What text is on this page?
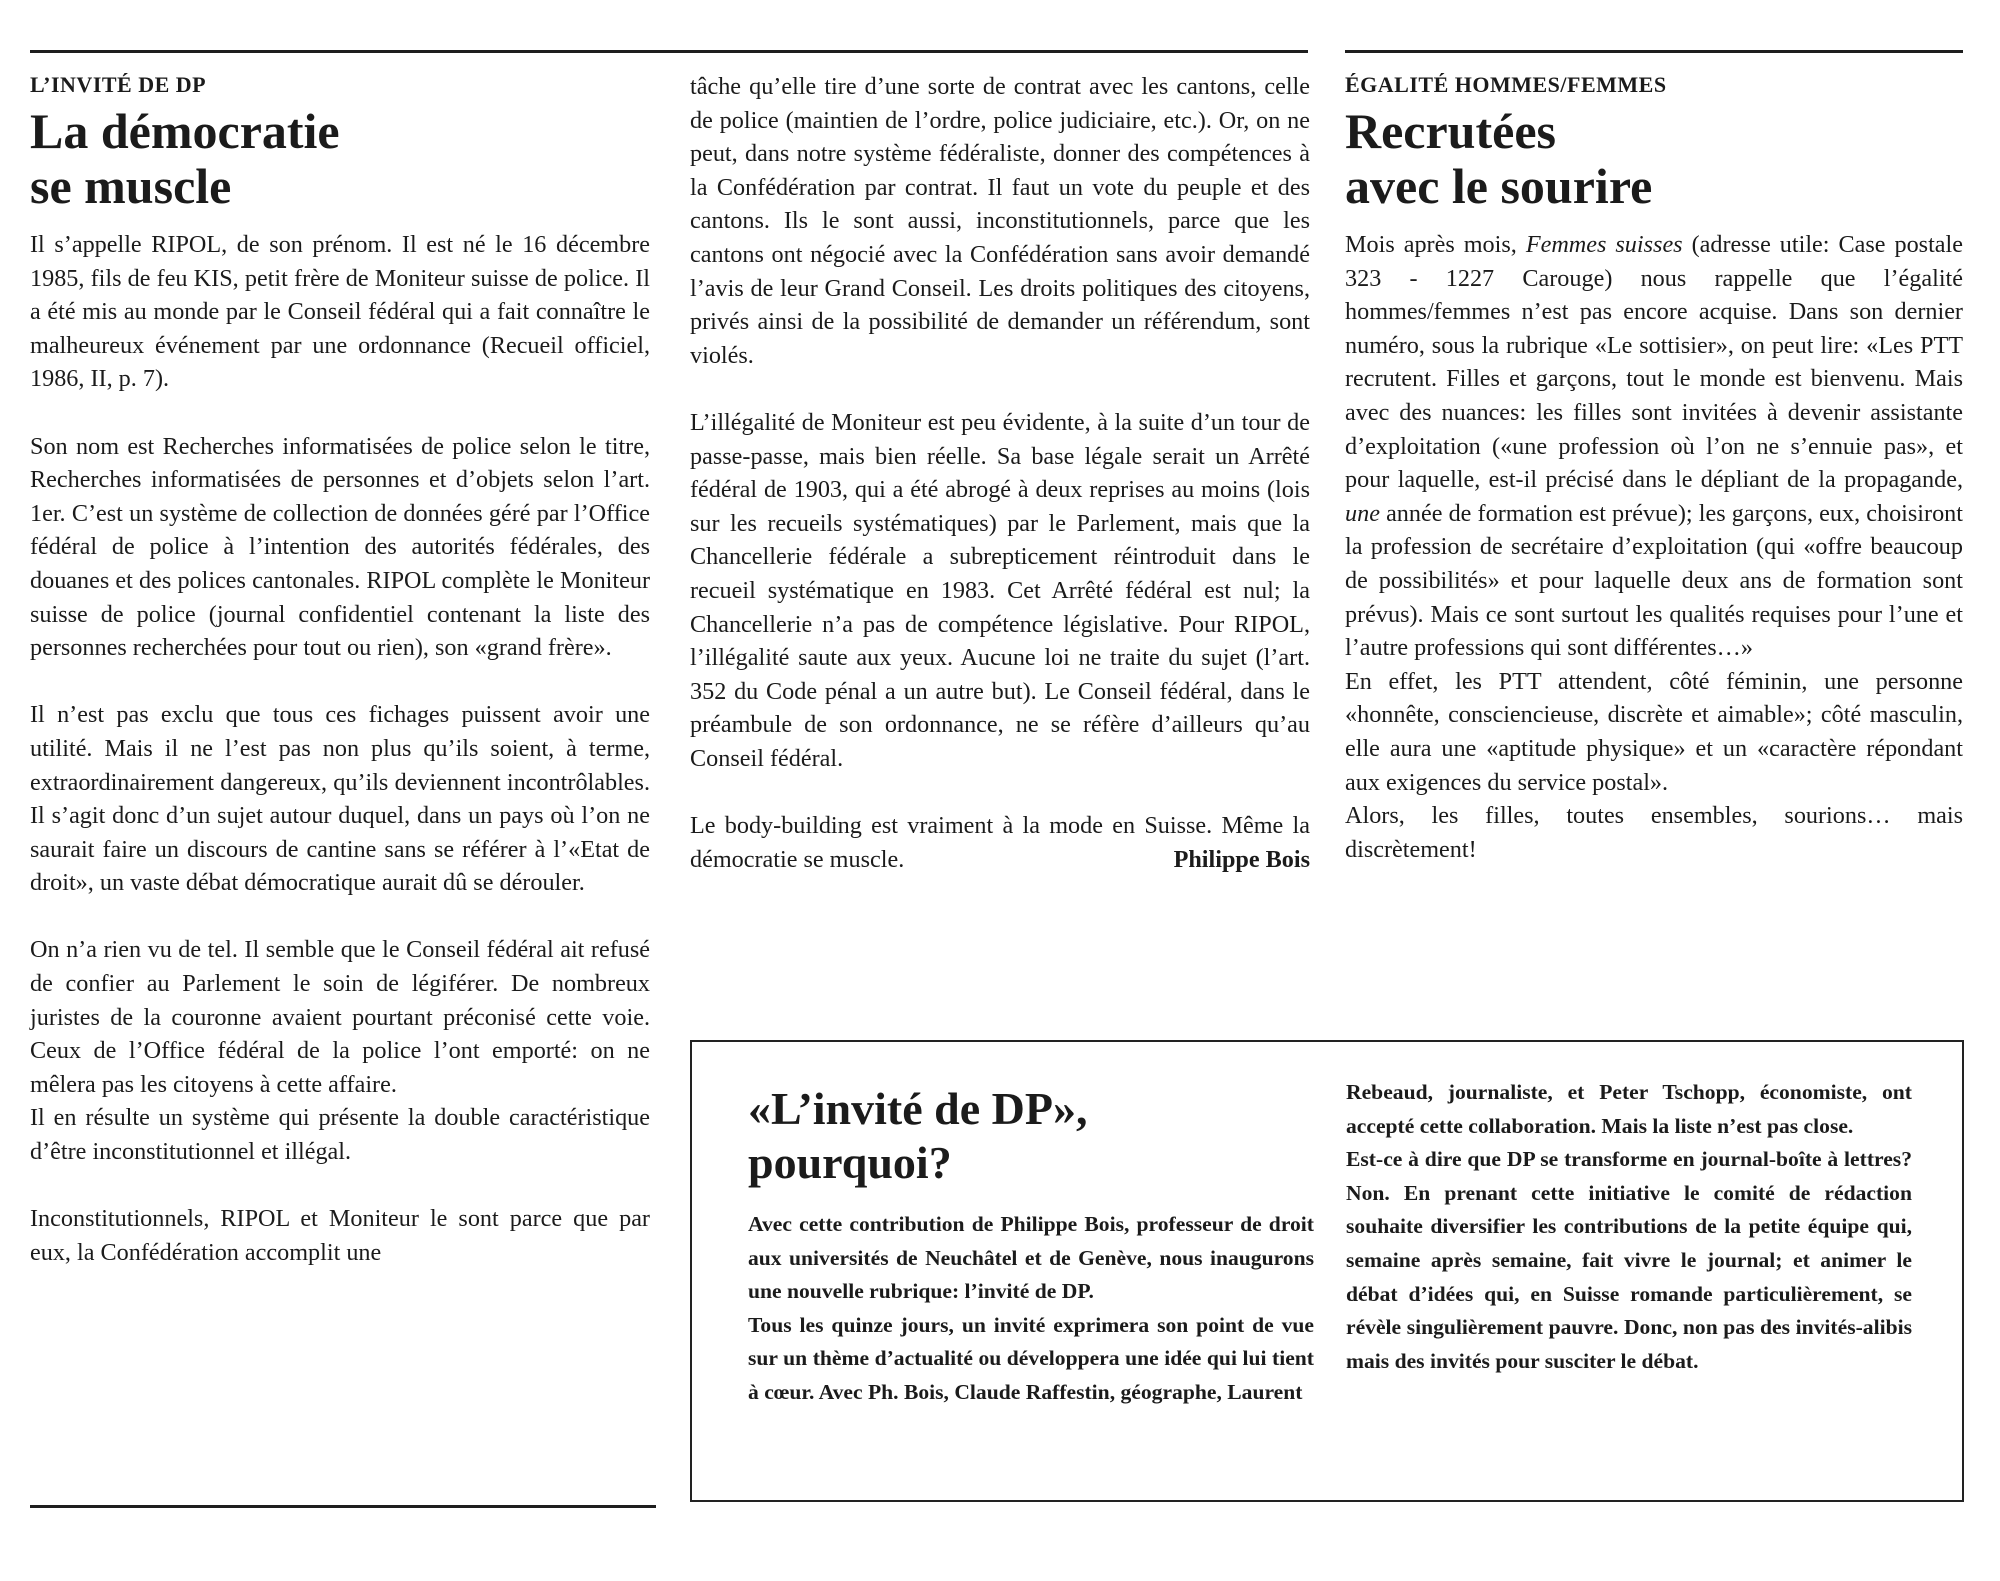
L’INVITÉ DE DP
La démocratie
se muscle

Il s’appelle RIPOL, de son prénom. Il est né le 16 décembre 1985, fils de feu KIS, petit frère de Moniteur suisse de police. Il a été mis au monde par le Conseil fédéral qui a fait connaître le malheureux événement par une ordonnance (Recueil officiel, 1986, II, p. 7).

Son nom est Recherches informatisées de police selon le titre, Recherches informatisées de personnes et d’objets selon l’art. 1er. C’est un système de collection de données géré par l’Office fédéral de police à l’intention des autorités fédérales, des douanes et des polices cantonales. RIPOL complète le Moniteur suisse de police (journal confidentiel contenant la liste des personnes recherchées pour tout ou rien), son «grand frère».

Il n’est pas exclu que tous ces fichages puissent avoir une utilité. Mais il ne l’est pas non plus qu’ils soient, à terme, extraordinairement dangereux, qu’ils deviennent incontrôlables. Il s’agit donc d’un sujet autour duquel, dans un pays où l’on ne saurait faire un discours de cantine sans se référer à l’«Etat de droit», un vaste débat démocratique aurait dû se dérouler.

On n’a rien vu de tel. Il semble que le Conseil fédéral ait refusé de confier au Parlement le soin de légiférer. De nombreux juristes de la couronne avaient pourtant préconisé cette voie. Ceux de l’Office fédéral de la police l’ont emporté: on ne mêlera pas les citoyens à cette affaire.

Il en résulte un système qui présente la double caractéristique d’être inconstitutionnel et illégal.

Inconstitutionnels, RIPOL et Moniteur le sont parce que par eux, la Confédération accomplit une

tâche qu’elle tire d’une sorte de contrat avec les cantons, celle de police (maintien de l’ordre, police judiciaire, etc.). Or, on ne peut, dans notre système fédéraliste, donner des compétences à la Confédération par contrat. Il faut un vote du peuple et des cantons. Ils le sont aussi, inconstitutionnels, parce que les cantons ont négocié avec la Confédération sans avoir demandé l’avis de leur Grand Conseil. Les droits politiques des citoyens, privés ainsi de la possibilité de demander un référendum, sont violés.

L’illégalité de Moniteur est peu évidente, à la suite d’un tour de passe-passe, mais bien réelle. Sa base légale serait un Arrêté fédéral de 1903, qui a été abrogé à deux reprises au moins (lois sur les recueils systématiques) par le Parlement, mais que la Chancellerie fédérale a subrepticement réintroduit dans le recueil systématique en 1983. Cet Arrêté fédéral est nul; la Chancellerie n’a pas de compétence législative. Pour RIPOL, l’illégalité saute aux yeux. Aucune loi ne traite du sujet (l’art. 352 du Code pénal a un autre but). Le Conseil fédéral, dans le préambule de son ordonnance, ne se réfère d’ailleurs qu’au Conseil fédéral.

Le body-building est vraiment à la mode en Suisse. Même la démocratie se muscle.	Philippe Bois

ÉGALITÉ HOMMES/FEMMES
Recrutées
avec le sourire

Mois après mois, Femmes suisses (adresse utile: Case postale 323 - 1227 Carouge) nous rappelle que l’égalité hommes/femmes n’est pas encore acquise. Dans son dernier numéro, sous la rubrique «Le sottisier», on peut lire: «Les PTT recrutent. Filles et garçons, tout le monde est bienvenu. Mais avec des nuances: les filles sont invitées à devenir assistante d’exploitation («une profession où l’on ne s’ennuie pas», et pour laquelle, est-il précisé dans le dépliant de la propagande, une année de formation est prévue); les garçons, eux, choisiront la profession de secrétaire d’exploitation (qui «offre beaucoup de possibilités» et pour laquelle deux ans de formation sont prévus). Mais ce sont surtout les qualités requises pour l’une et l’autre professions qui sont différentes…»

En effet, les PTT attendent, côté féminin, une personne «honnête, consciencieuse, discrète et aimable»; côté masculin, elle aura une «aptitude physique» et un «caractère répondant aux exigences du service postal».

Alors, les filles, toutes ensembles, sourions… mais discrètement!

«L’invité de DP»,
pourquoi?

Avec cette contribution de Philippe Bois, professeur de droit aux universités de Neuchâtel et de Genève, nous inaugurons une nouvelle rubrique: l’invité de DP.

Tous les quinze jours, un invité exprimera son point de vue sur un thème d’actualité ou développera une idée qui lui tient à cœur. Avec Ph. Bois, Claude Raffestin, géographe, Laurent

Rebeaud, journaliste, et Peter Tschopp, économiste, ont accepté cette collaboration. Mais la liste n’est pas close.

Est-ce à dire que DP se transforme en journal-boîte à lettres? Non. En prenant cette initiative le comité de rédaction souhaite diversifier les contributions de la petite équipe qui, semaine après semaine, fait vivre le journal; et animer le débat d’idées qui, en Suisse romande particulièrement, se révèle singulièrement pauvre. Donc, non pas des invités-alibis mais des invités pour susciter le débat.
